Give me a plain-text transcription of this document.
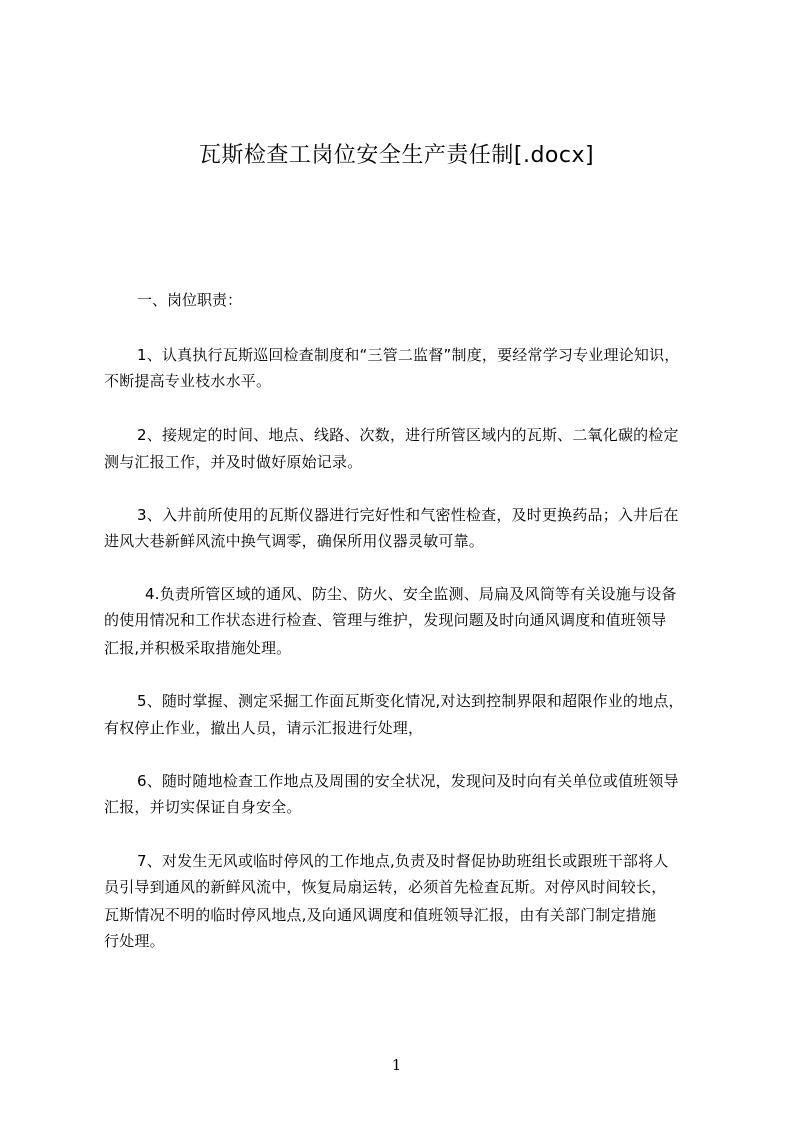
瓦斯检查工岗位安全生产责任制[.docx]
一、岗位职责：
1、认真执行瓦斯巡回检查制度和“三管二监督”制度，要经常学习专业理论知识，
不断提高专业枝水水平。
2、接规定的时间、地点、线路、次数，进行所管区域内的瓦斯、二氧化碳的检定
测与汇报工作，并及时做好原始记录。
3、入井前所使用的瓦斯仪器进行完好性和气密性检查，及时更换药品；入井后在
进风大巷新鲜风流中换气调零，确保所用仪器灵敏可靠。
4.负责所管区域的通风、防尘、防火、安全监测、局扁及风筒等有关设施与设备
的使用情况和工作状态进行检查、管理与维护，发现问题及时向通风调度和值班领导
汇报,并积极采取措施处理。
5、随时掌握、测定采掘工作面瓦斯变化情况,对达到控制界限和超限作业的地点，
有权停止作业，撤出人员，请示汇报进行处理，
6、随时随地检查工作地点及周围的安全状况，发现问及时向有关单位或值班领导
汇报，并切实保证自身安全。
7、对发生无风或临时停风的工作地点,负责及时督促协助班组长或跟班干部将人
员引导到通风的新鲜风流中，恢复局扇运转，必须首先检查瓦斯。对停风时间较长，
瓦斯情况不明的临时停风地点,及向通风调度和值班领导汇报，由有关部门制定措施
行处理。
1
